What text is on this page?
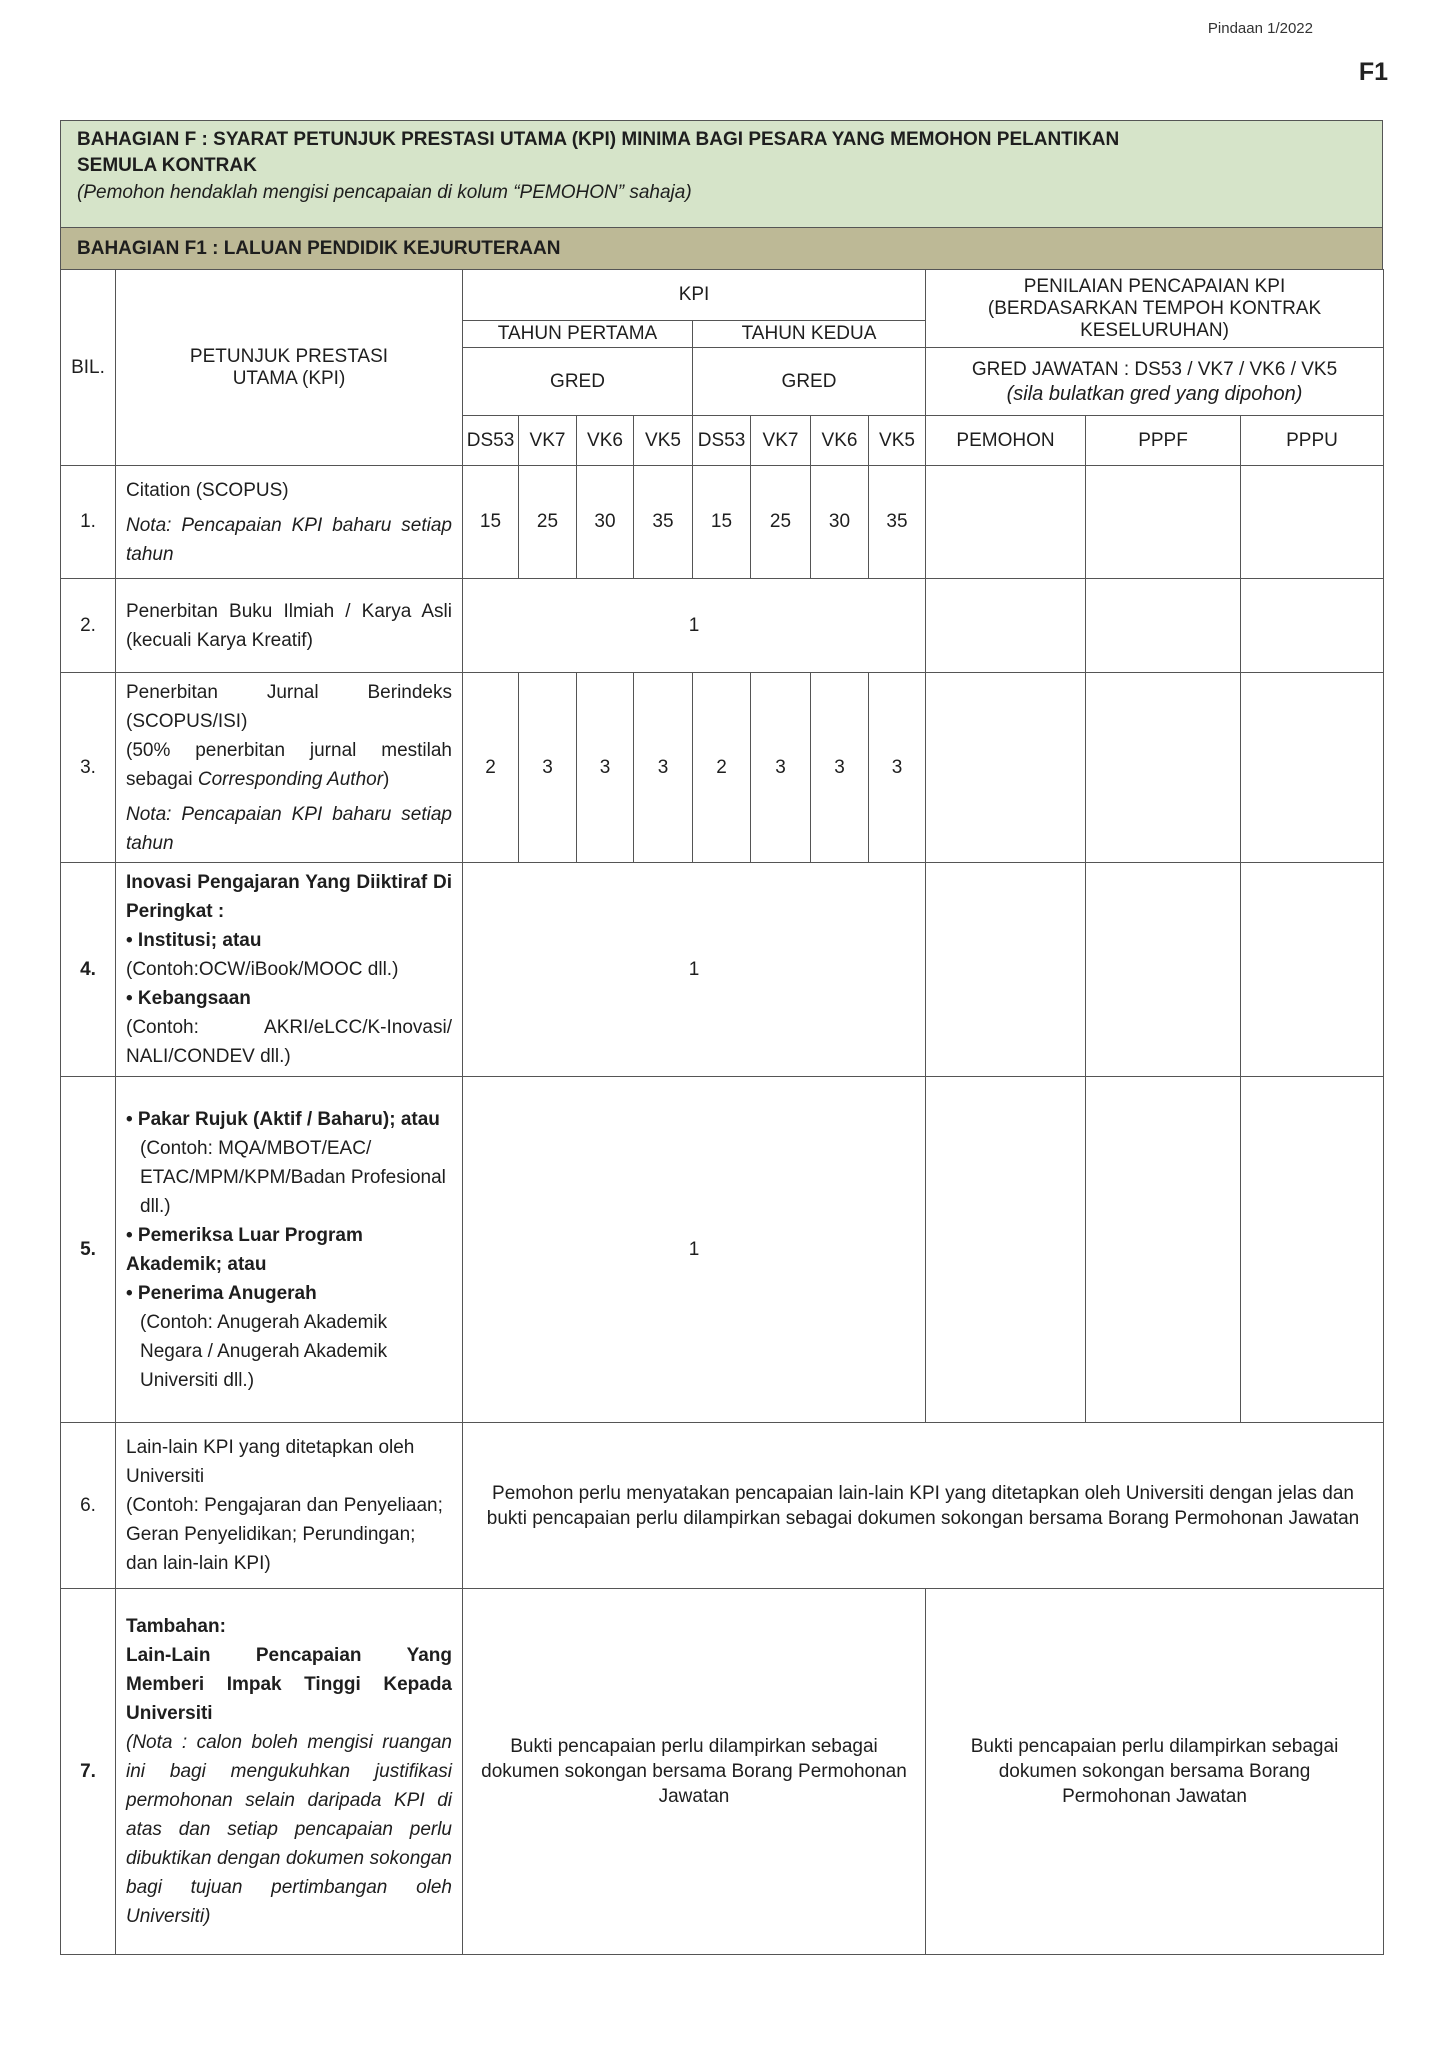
Pindaan 1/2022
F1
BAHAGIAN F : SYARAT PETUNJUK PRESTASI UTAMA (KPI) MINIMA BAGI PESARA YANG MEMOHON PELANTIKAN
SEMULA KONTRAK
(Pemohon hendaklah mengisi pencapaian di kolum “PEMOHON” sahaja)
BAHAGIAN F1 : LALUAN PENDIDIK KEJURUTERAAN
BIL.	PETUNJUK PRESTASI UTAMA (KPI)	KPI								PENILAIAN PENCAPAIAN KPI
(BERDASARKAN TEMPOH KONTRAK KESELURUHAN)		

		TAHUN PERTAMA				TAHUN KEDUA						
		GRED				GRED				GRED JAWATAN : DS53 / VK7 / VK6 / VK5
(sila bulatkan gred yang dipohon)		

		DS53	VK7	VK6	VK5	DS53	VK7	VK6	VK5	PEMOHON	PPPF	PPPU
1.	Citation (SCOPUS)

Nota: Pencapaian KPI baharu setiap tahun	15	25	30	35	15	25	30	35			
2.	Penerbitan Buku Ilmiah / Karya Asli (kecuali Karya Kreatif)	1										
3.	Penerbitan Jurnal Berindeks (SCOPUS/ISI)

(50% penerbitan jurnal mestilah sebagai Corresponding Author)

Nota: Pencapaian KPI baharu setiap tahun	2	3	3	3	2	3	3	3			
4.	Inovasi Pengajaran Yang Diiktiraf Di Peringkat :

• Institusi; atau

(Contoh:OCW/iBook/MOOC dll.)

• Kebangsaan

(Contoh: AKRI/eLCC/K-Inovasi/ NALI/CONDEV dll.)	1										
5.	• Pakar Rujuk (Aktif / Baharu); atau

(Contoh: MQA/MBOT/EAC/ ETAC/MPM/KPM/Badan Profesional dll.)

• Pemeriksa Luar Program Akademik; atau

• Penerima Anugerah

(Contoh: Anugerah Akademik Negara / Anugerah Akademik Universiti dll.)	1										
6.	Lain-lain KPI yang ditetapkan oleh Universiti

(Contoh: Pengajaran dan Penyeliaan; Geran Penyelidikan; Perundingan; dan lain-lain KPI)	Pemohon perlu menyatakan pencapaian lain-lain KPI yang ditetapkan oleh Universiti dengan jelas dan bukti pencapaian perlu dilampirkan sebagai dokumen sokongan bersama Borang Permohonan Jawatan										
7.	Tambahan:

Lain-Lain Pencapaian Yang Memberi Impak Tinggi Kepada Universiti

(Nota : calon boleh mengisi ruangan ini bagi mengukuhkan justifikasi permohonan selain daripada KPI di atas dan setiap pencapaian perlu dibuktikan dengan dokumen sokongan bagi tujuan pertimbangan oleh Universiti)	Bukti pencapaian perlu dilampirkan sebagai dokumen sokongan bersama Borang Permohonan Jawatan								Bukti pencapaian perlu dilampirkan sebagai dokumen sokongan bersama Borang Permohonan Jawatan		
